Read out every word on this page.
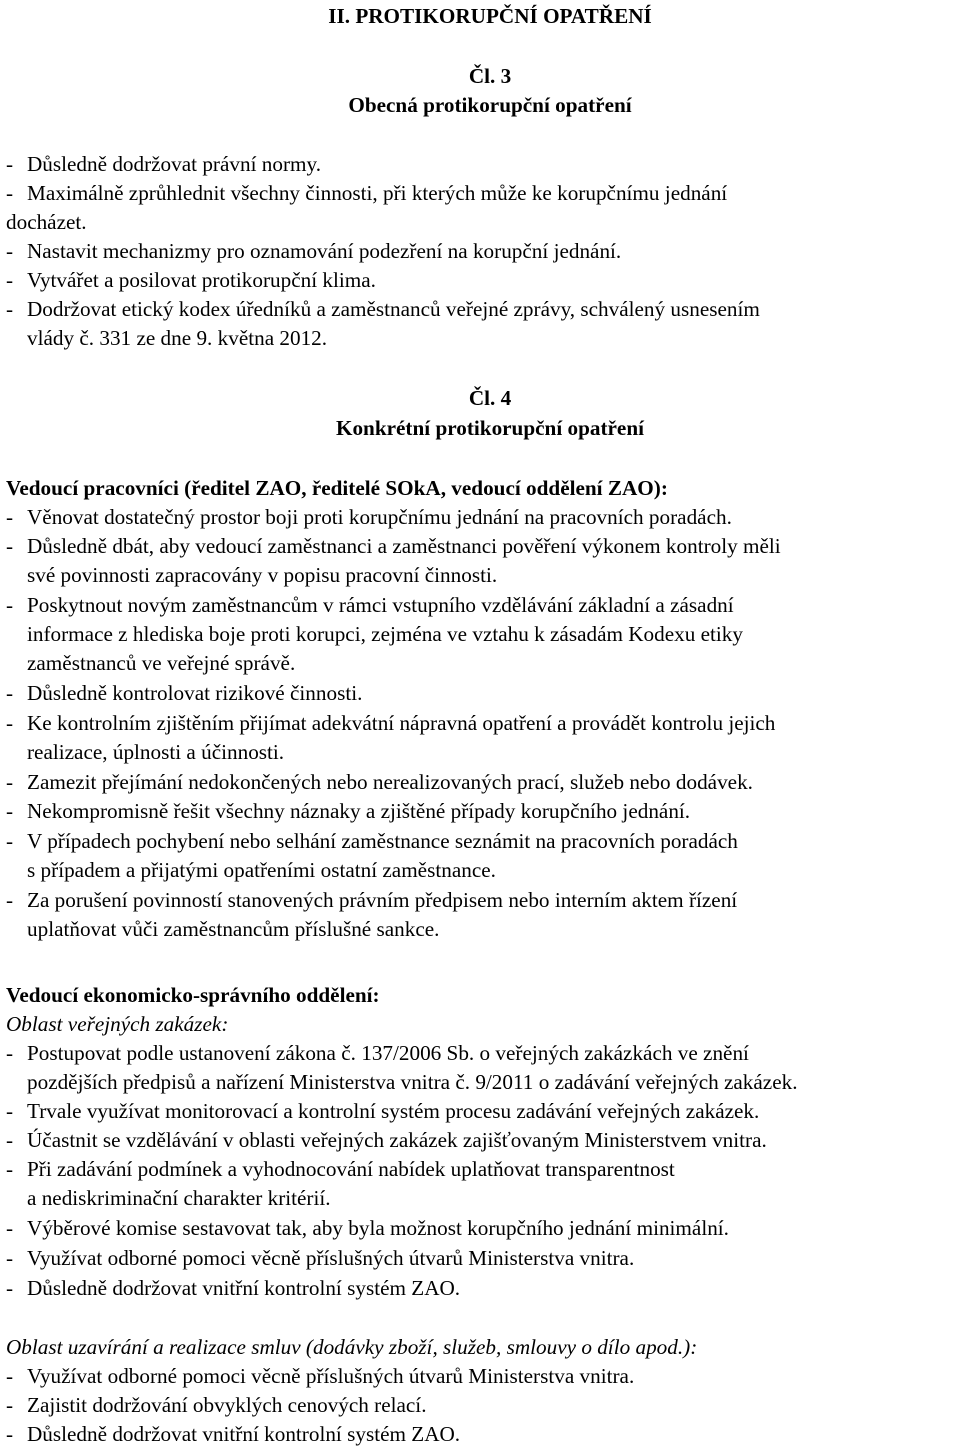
II. PROTIKORUPČNÍ OPATŘENÍ
Čl. 3
Obecná protikorupční opatření
- Důsledně dodržovat právní normy.
- Maximálně zprůhlednit všechny činnosti, při kterých může ke korupčnímu jednání
docházet.
- Nastavit mechanizmy pro oznamování podezření na korupční jednání.
- Vytvářet a posilovat protikorupční klima.
- Dodržovat etický kodex úředníků a zaměstnanců veřejné zprávy, schválený usnesením
vlády č. 331 ze dne 9. května 2012.
Čl. 4
Konkrétní protikorupční opatření
Vedoucí pracovníci (ředitel ZAO, ředitelé SOkA, vedoucí oddělení ZAO):
- Věnovat dostatečný prostor boji proti korupčnímu jednání na pracovních poradách.
- Důsledně dbát, aby vedoucí zaměstnanci a zaměstnanci pověření výkonem kontroly měli
své povinnosti zapracovány v popisu pracovní činnosti.
- Poskytnout novým zaměstnancům v rámci vstupního vzdělávání základní a zásadní
informace z hlediska boje proti korupci, zejména ve vztahu k zásadám Kodexu etiky
zaměstnanců ve veřejné správě.
- Důsledně kontrolovat rizikové činnosti.
- Ke kontrolním zjištěním přijímat adekvátní nápravná opatření a provádět kontrolu jejich
realizace, úplnosti a účinnosti.
- Zamezit přejímání nedokončených nebo nerealizovaných prací, služeb nebo dodávek.
- Nekompromisně řešit všechny náznaky a zjištěné případy korupčního jednání.
- V případech pochybení nebo selhání zaměstnance seznámit na pracovních poradách
s případem a přijatými opatřeními ostatní zaměstnance.
- Za porušení povinností stanovených právním předpisem nebo interním aktem řízení
uplatňovat vůči zaměstnancům příslušné sankce.
Vedoucí ekonomicko-správního oddělení:
Oblast veřejných zakázek:
- Postupovat podle ustanovení zákona č. 137/2006 Sb. o veřejných zakázkách ve znění
pozdějších předpisů a nařízení Ministerstva vnitra č. 9/2011 o zadávání veřejných zakázek.
- Trvale využívat monitorovací a kontrolní systém procesu zadávání veřejných zakázek.
- Účastnit se vzdělávání v oblasti veřejných zakázek zajišťovaným Ministerstvem vnitra.
- Při zadávání podmínek a vyhodnocování nabídek uplatňovat transparentnost
a nediskriminační charakter kritérií.
- Výběrové komise sestavovat tak, aby byla možnost korupčního jednání minimální.
- Využívat odborné pomoci věcně příslušných útvarů Ministerstva vnitra.
- Důsledně dodržovat vnitřní kontrolní systém ZAO.
Oblast uzavírání a realizace smluv (dodávky zboží, služeb, smlouvy o dílo apod.):
- Využívat odborné pomoci věcně příslušných útvarů Ministerstva vnitra.
- Zajistit dodržování obvyklých cenových relací.
- Důsledně dodržovat vnitřní kontrolní systém ZAO.
